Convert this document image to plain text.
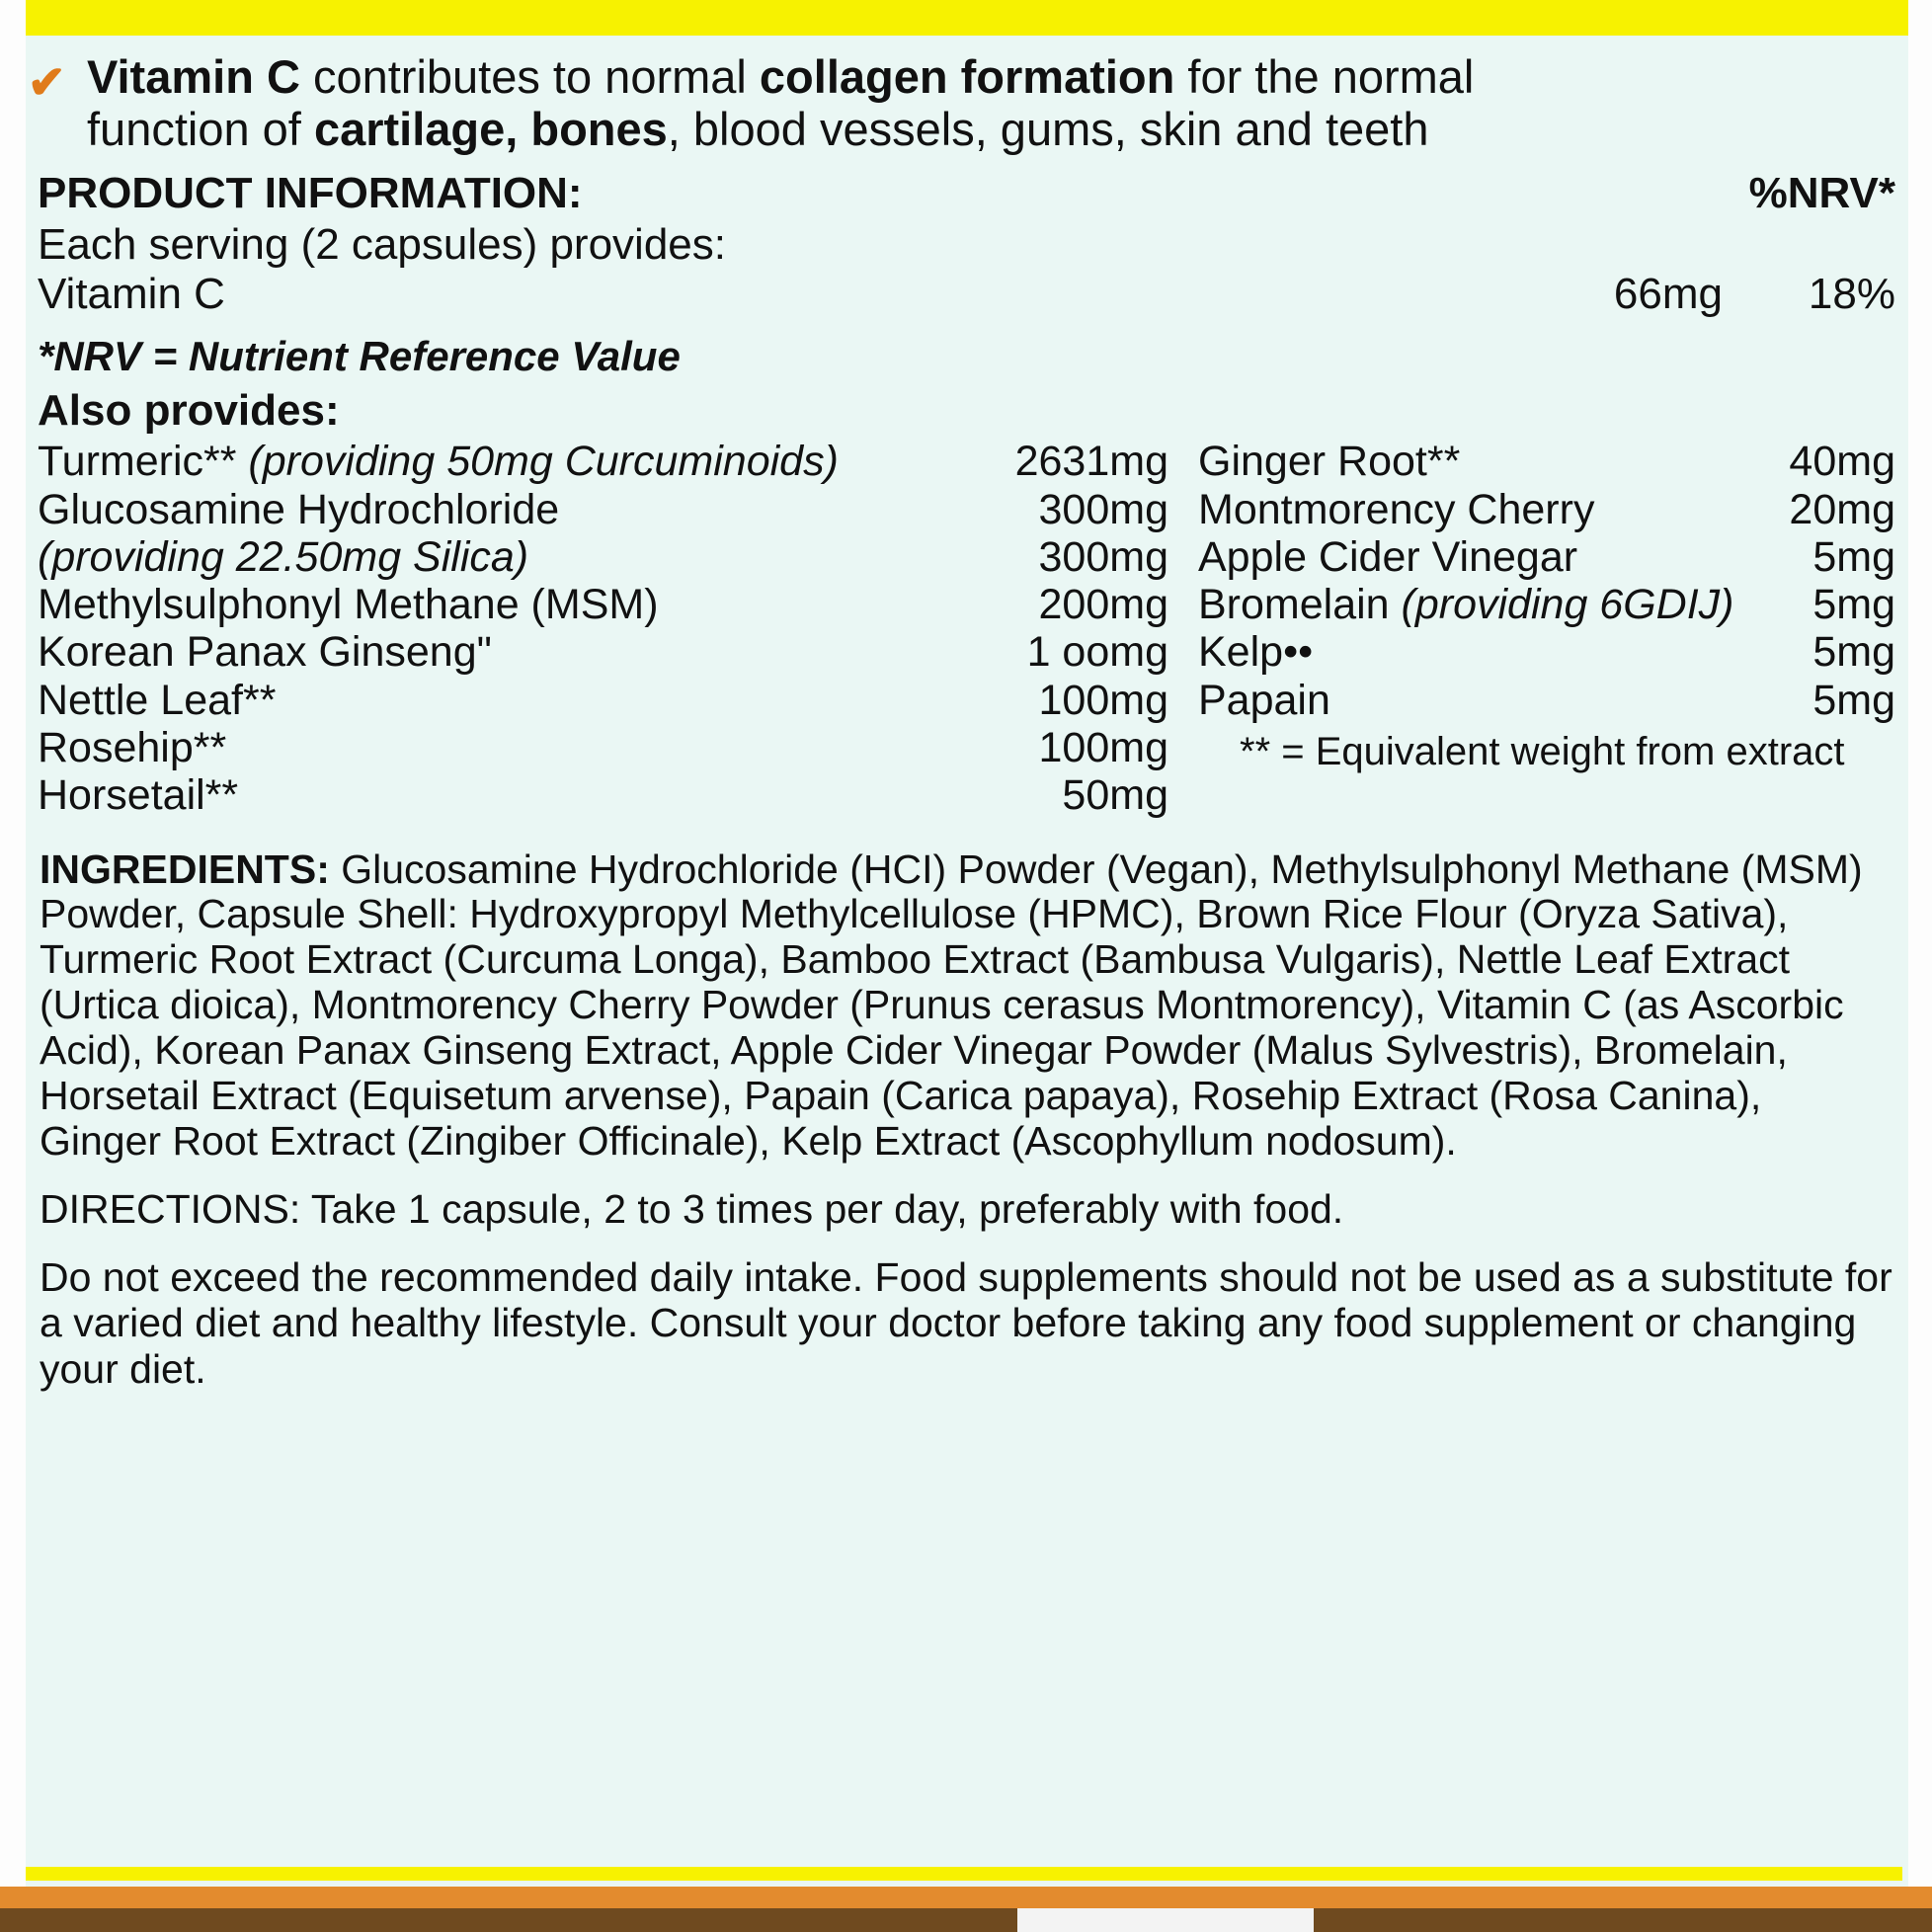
✔ Vitamin C contributes to normal collagen formation for the normal
function of cartilage, bones, blood vessels, gums, skin and teeth
PRODUCT INFORMATION:	%NRV*
Each serving (2 capsules) provides:
Vitamin C	66mg	18%
*NRV = Nutrient Reference Value
Also provides:
Turmeric** (providing 50mg Curcuminoids)	2631mg
Glucosamine Hydrochloride	300mg
(providing 22.50mg Silica)	300mg
Methylsulphonyl Methane (MSM)	200mg
Korean Panax Ginseng"	1 oomg
Nettle Leaf**	100mg
Rosehip**	100mg
Horsetail**	50mg
Ginger Root**	40mg
Montmorency Cherry	20mg
Apple Cider Vinegar	5mg
Bromelain (providing 6GDIJ)	5mg
Kelp••	5mg
Papain	5mg
** = Equivalent weight from extract
INGREDIENTS: Glucosamine Hydrochloride (HCI) Powder (Vegan), Methylsulphonyl Methane (MSM) Powder, Capsule Shell: Hydroxypropyl Methylcellulose (HPMC), Brown Rice Flour (Oryza Sativa), Turmeric Root Extract (Curcuma Longa), Bamboo Extract (Bambusa Vulgaris), Nettle Leaf Extract (Urtica dioica), Montmorency Cherry Powder (Prunus cerasus Montmorency), Vitamin C (as Ascorbic Acid), Korean Panax Ginseng Extract, Apple Cider Vinegar Powder (Malus Sylvestris), Bromelain, Horsetail Extract (Equisetum arvense), Papain (Carica papaya), Rosehip Extract (Rosa Canina), Ginger Root Extract (Zingiber Officinale), Kelp Extract (Ascophyllum nodosum).
DIRECTIONS: Take 1 capsule, 2 to 3 times per day, preferably with food.
Do not exceed the recommended daily intake. Food supplements should not be used as a substitute for a varied diet and healthy lifestyle. Consult your doctor before taking any food supplement or changing your diet.
